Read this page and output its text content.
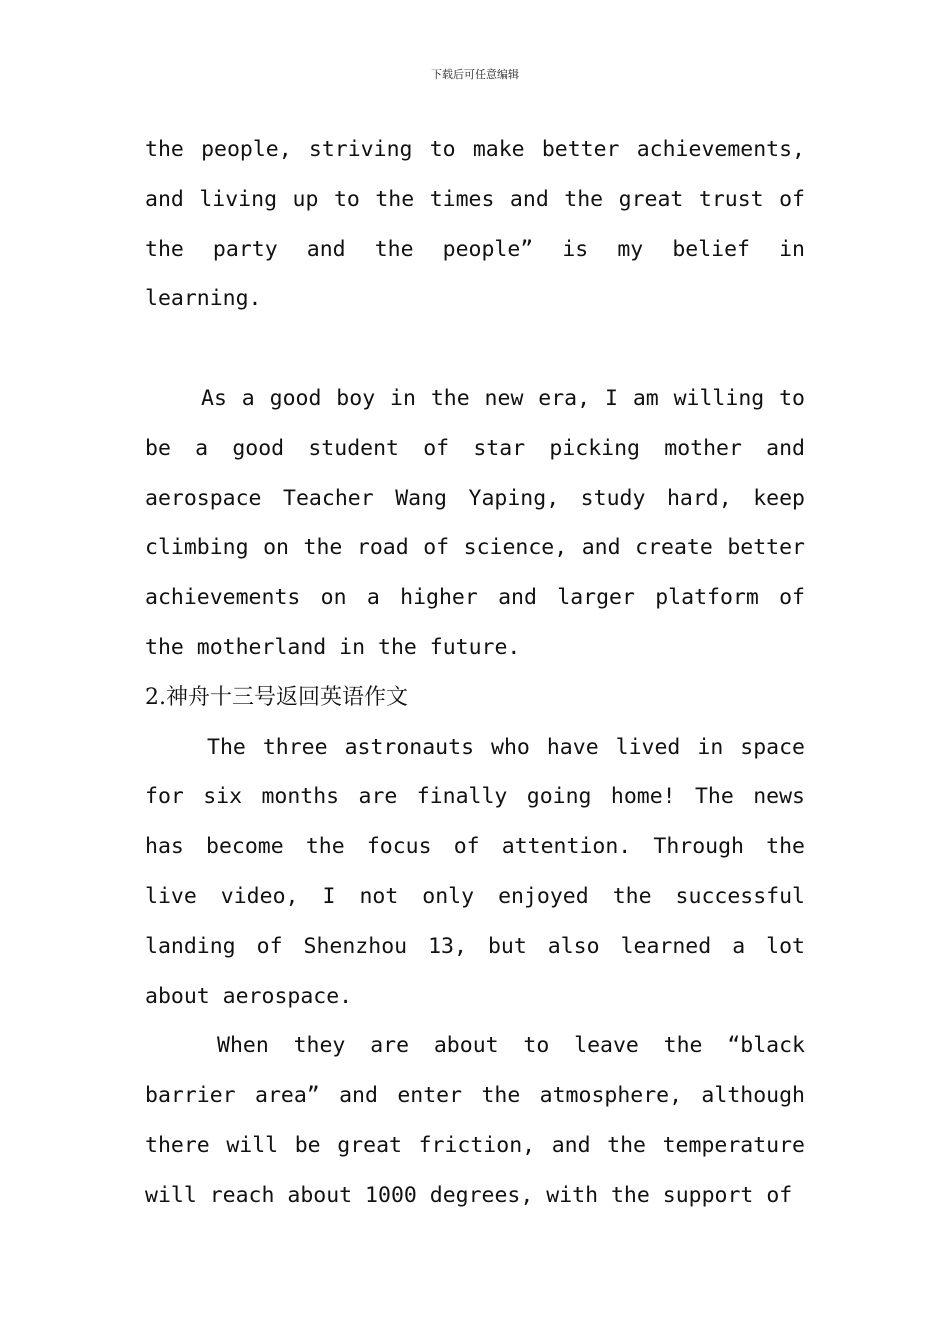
下载后可任意编辑

the people, striving to make better achievements, and living up to the times and the great trust of the party and the people” is my belief in learning.

As a good boy in the new era, I am willing to be a good student of star picking mother and aerospace Teacher Wang Yaping, study hard, keep climbing on the road of science, and create better achievements on a higher and larger platform of the motherland in the future.

2.神舟十三号返回英语作文

The three astronauts who have lived in space for six months are finally going home! The news has become the focus of attention. Through the live video, I not only enjoyed the successful landing of Shenzhou 13, but also learned a lot about aerospace.

When they are about to leave the “black barrier area” and enter the atmosphere, although there will be great friction, and the temperature will reach about 1000 degrees, with the support of
